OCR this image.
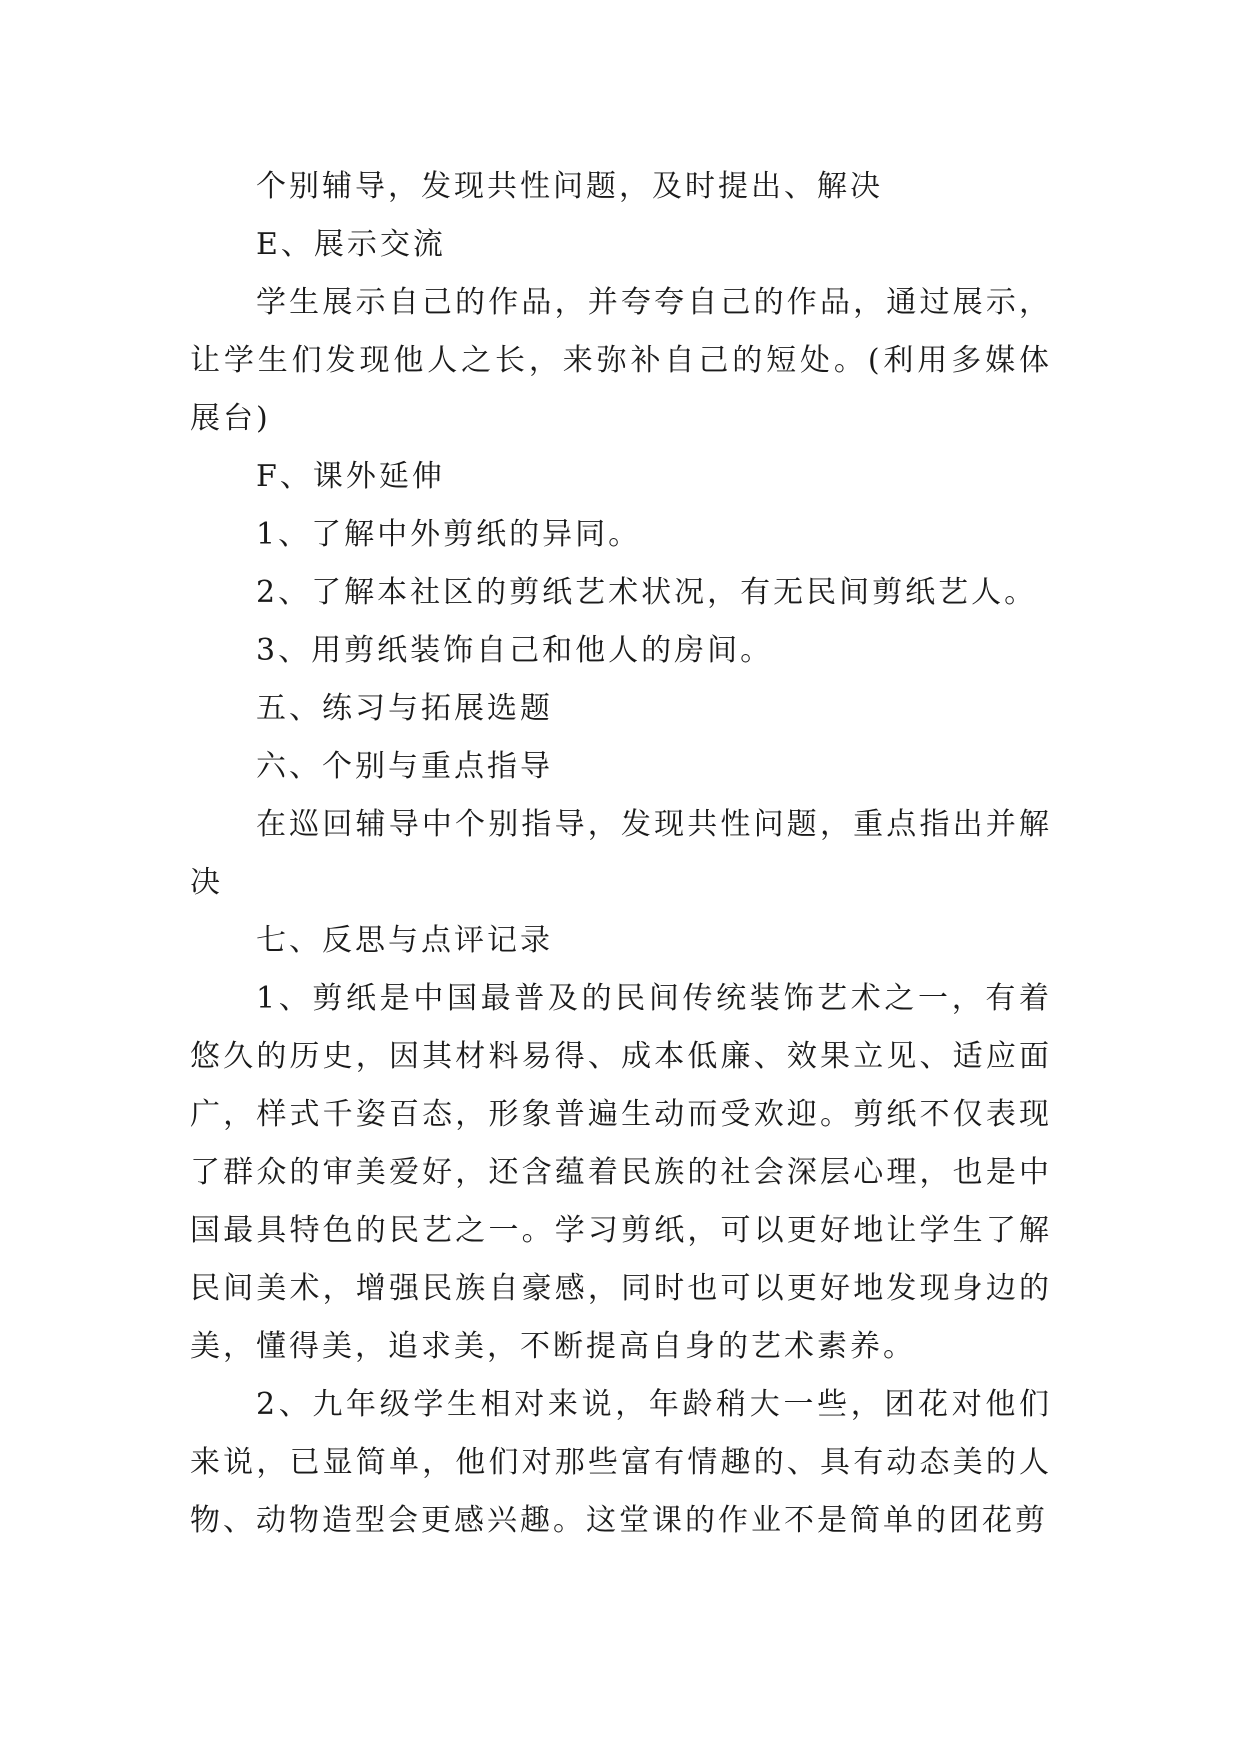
个别辅导，发现共性问题，及时提出、解决

E、展示交流

学生展示自己的作品，并夸夸自己的作品，通过展示，让学生们发现他人之长，来弥补自己的短处。(利用多媒体展台)

F、课外延伸

1、了解中外剪纸的异同。

2、了解本社区的剪纸艺术状况，有无民间剪纸艺人。

3、用剪纸装饰自己和他人的房间。

五、练习与拓展选题

六、个别与重点指导

在巡回辅导中个别指导，发现共性问题，重点指出并解决

七、反思与点评记录

1、剪纸是中国最普及的民间传统装饰艺术之一，有着悠久的历史，因其材料易得、成本低廉、效果立见、适应面广，样式千姿百态，形象普遍生动而受欢迎。剪纸不仅表现了群众的审美爱好，还含蕴着民族的社会深层心理，也是中国最具特色的民艺之一。学习剪纸，可以更好地让学生了解民间美术，增强民族自豪感，同时也可以更好地发现身边的美，懂得美，追求美，不断提高自身的艺术素养。

2、九年级学生相对来说，年龄稍大一些，团花对他们来说，已显简单，他们对那些富有情趣的、具有动态美的人物、动物造型会更感兴趣。这堂课的作业不是简单的团花剪
